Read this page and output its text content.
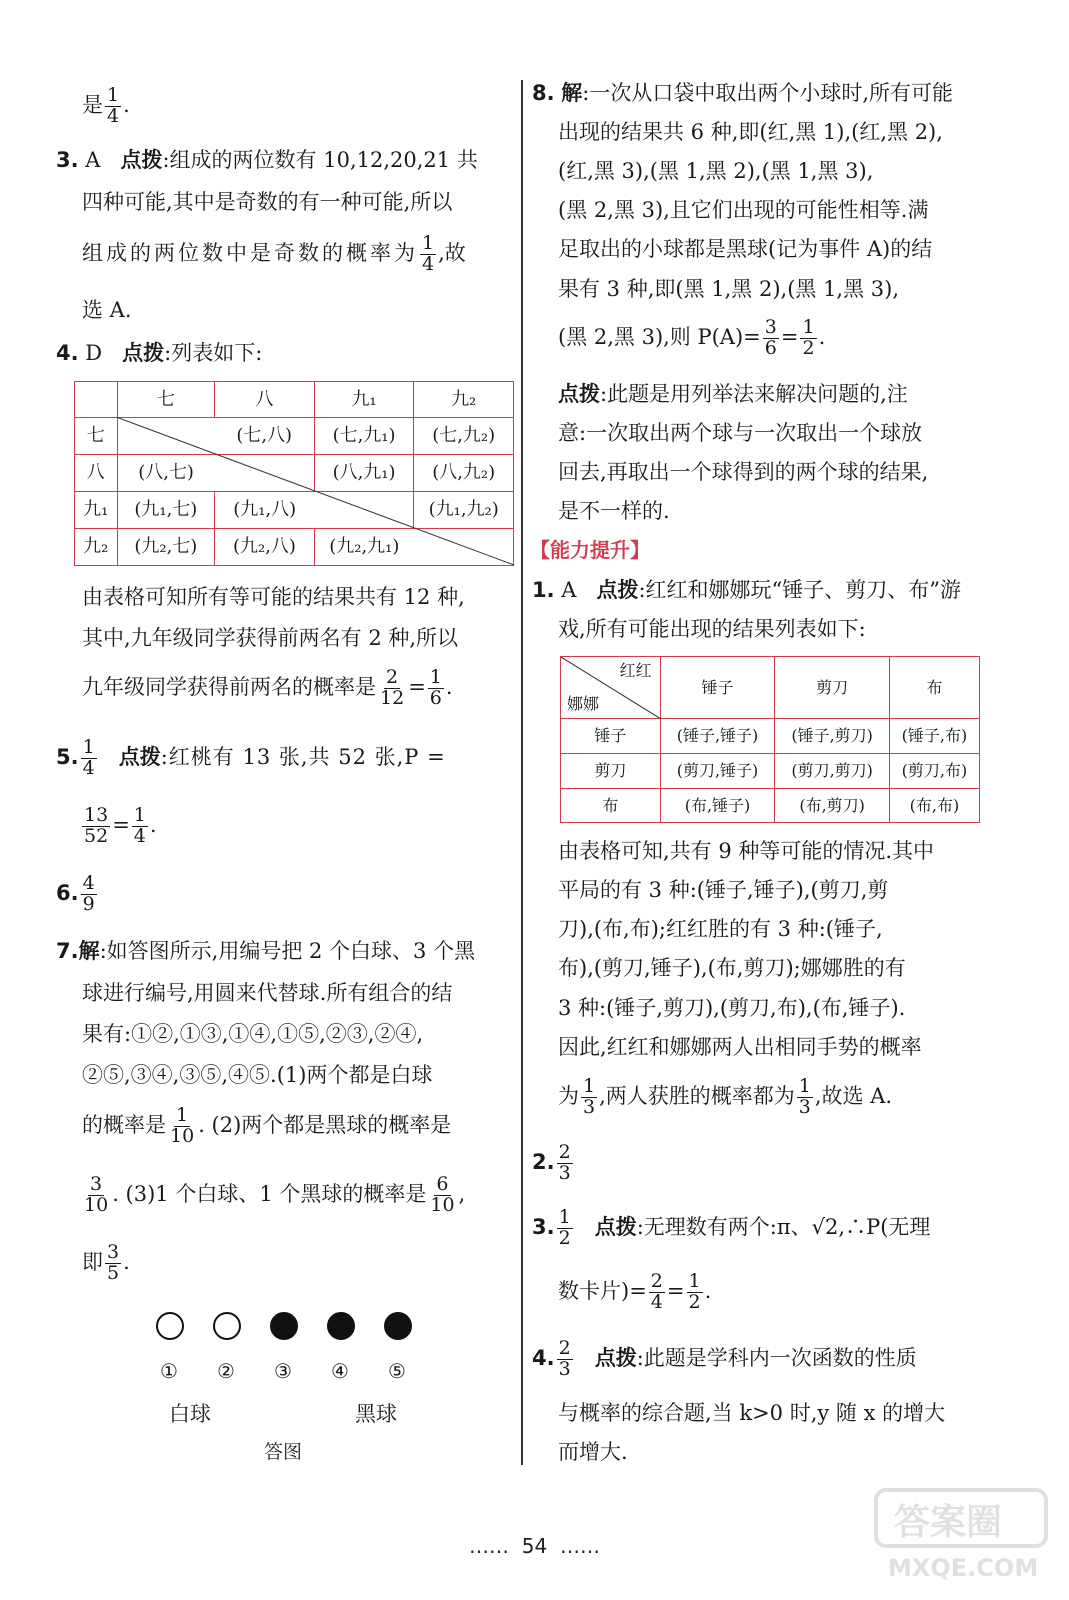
是 $\frac{1}{4}$ .
3. A 点拨:组成的两位数有 10,12,20,21 共
四种可能,其中是奇数的有一种可能,所以
组成的两位数中是奇数的概率为 $\frac{1}{4}$ ,故
选 A.
4. D 点拨:列表如下:
	七	八	九₁	九₂
七		(七,八)	(七,九₁)	(七,九₂)
八	(八,七)		(八,九₁)	(八,九₂)
九₁	(九₁,七)	(九₁,八)		(九₁,九₂)
九₂	(九₂,七)	(九₂,八)	(九₂,九₁)	
由表格可知所有等可能的结果共有 12 种,
其中,九年级同学获得前两名有 2 种,所以
九年级同学获得前两名的概率是 $\frac{2}{12} = \frac{1}{6}$ .
5. $\frac{1}{4}$ 点拨:红桃有 13 张,共 52 张,P =
$\frac{13}{52} = \frac{1}{4}$ .
6. $\frac{4}{9}$
7.解:如答图所示,用编号把 2 个白球、3 个黑
球进行编号,用圆来代替球.所有组合的结
果有:①②,①③,①④,①⑤,②③,②④,
②⑤,③④,③⑤,④⑤.(1)两个都是白球
的概率是 $\frac{1}{10}$ . (2)两个都是黑球的概率是
$\frac{3}{10}$ . (3)1 个白球、1 个黑球的概率是 $\frac{6}{10}$ ,
即 $\frac{3}{5}$ .
① ② ③ ④ ⑤
白球	黑球
答图
8. 解:一次从口袋中取出两个小球时,所有可能
出现的结果共 6 种,即(红,黑 1),(红,黑 2),
(红,黑 3),(黑 1,黑 2),(黑 1,黑 3),
(黑 2,黑 3),且它们出现的可能性相等.满
足取出的小球都是黑球(记为事件 A)的结
果有 3 种,即(黑 1,黑 2),(黑 1,黑 3),
(黑 2,黑 3),则 $P(A)= \frac{3}{6} = \frac{1}{2}$ .
点拨:此题是用列举法来解决问题的,注
意:一次取出两个球与一次取出一个球放
回去,再取出一个球得到的两个球的结果,
是不一样的.
【能力提升】
1. A 点拨:红红和娜娜玩“锤子、剪刀、布”游
戏,所有可能出现的结果列表如下:
红红
娜娜	锤子	剪刀	布
锤子	(锤子,锤子)	(锤子,剪刀)	(锤子,布)
剪刀	(剪刀,锤子)	(剪刀,剪刀)	(剪刀,布)
布	(布,锤子)	(布,剪刀)	(布,布)
由表格可知,共有 9 种等可能的情况.其中
平局的有 3 种:(锤子,锤子),(剪刀,剪
刀),(布,布);红红胜的有 3 种:(锤子,
布),(剪刀,锤子),(布,剪刀);娜娜胜的有
3 种:(锤子,剪刀),(剪刀,布),(布,锤子).
因此,红红和娜娜两人出相同手势的概率
为 $\frac{1}{3}$ ,两人获胜的概率都为 $\frac{1}{3}$ ,故选 A.
2. $\frac{2}{3}$
3. $\frac{1}{2}$ 点拨:无理数有两个:π、√2,∴P(无理
数卡片)= $\frac{2}{4} = \frac{1}{2}$ .
4. $\frac{2}{3}$ 点拨:此题是学科内一次函数的性质
与概率的综合题,当 k>0 时,y 随 x 的增大
而增大.
…… 54 ……
答案圈
MXQE.COM
